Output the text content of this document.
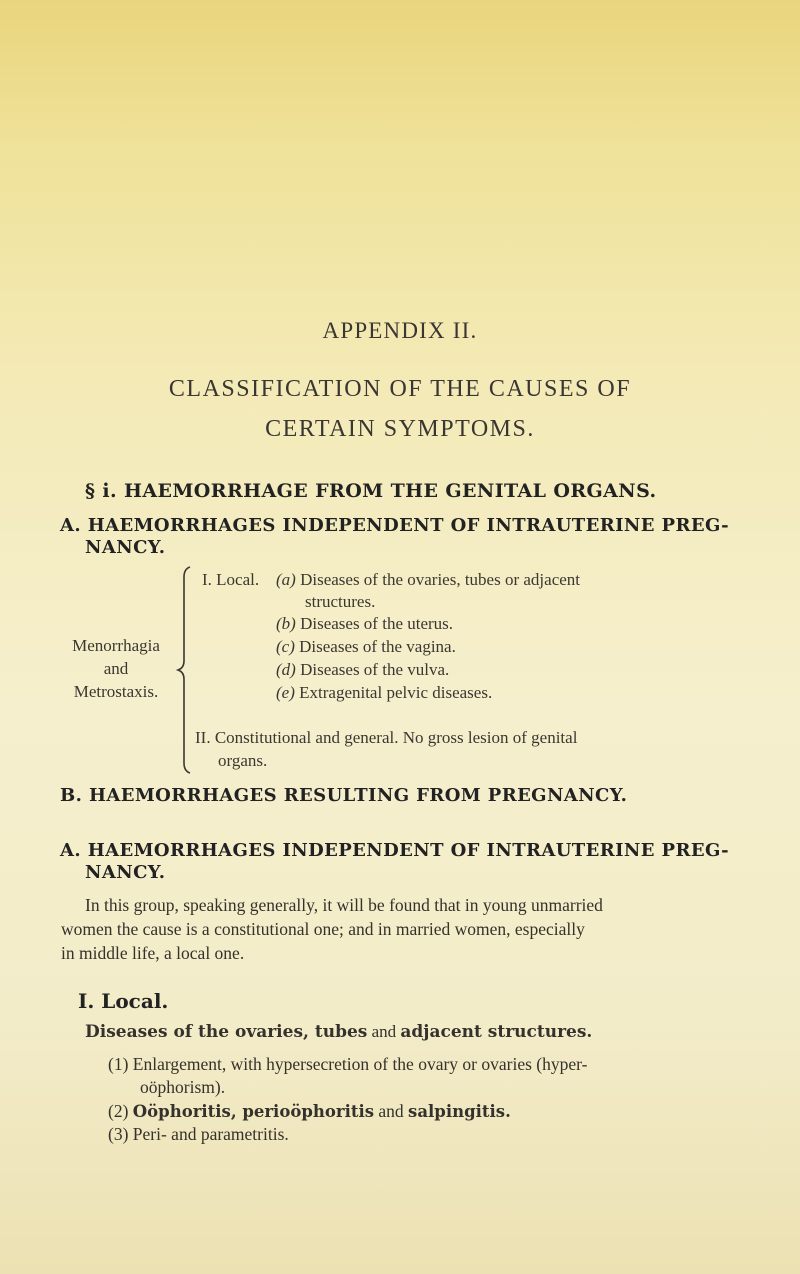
APPENDIX II.
CLASSIFICATION OF THE CAUSES OF
CERTAIN SYMPTOMS.
§ i. HAEMORRHAGE FROM THE GENITAL ORGANS.
A. HAEMORRHAGES INDEPENDENT OF INTRAUTERINE PREG-
NANCY.
Menorrhagia
and
Metrostaxis.
I. Local. (a) Diseases of the ovaries, tubes or adjacent
structures.
(b) Diseases of the uterus.
(c) Diseases of the vagina.
(d) Diseases of the vulva.
(e) Extragenital pelvic diseases.
II. Constitutional and general. No gross lesion of genital
organs.
B. HAEMORRHAGES RESULTING FROM PREGNANCY.
A. HAEMORRHAGES INDEPENDENT OF INTRAUTERINE PREG-
NANCY.
In this group, speaking generally, it will be found that in young unmarried
women the cause is a constitutional one; and in married women, especially
in middle life, a local one.
I. Local.
Diseases of the ovaries, tubes and adjacent structures.
(1) Enlargement, with hypersecretion of the ovary or ovaries (hyper-
oöphorism).
(2) Oöphoritis, perioöphoritis and salpingitis.
(3) Peri- and parametritis.
